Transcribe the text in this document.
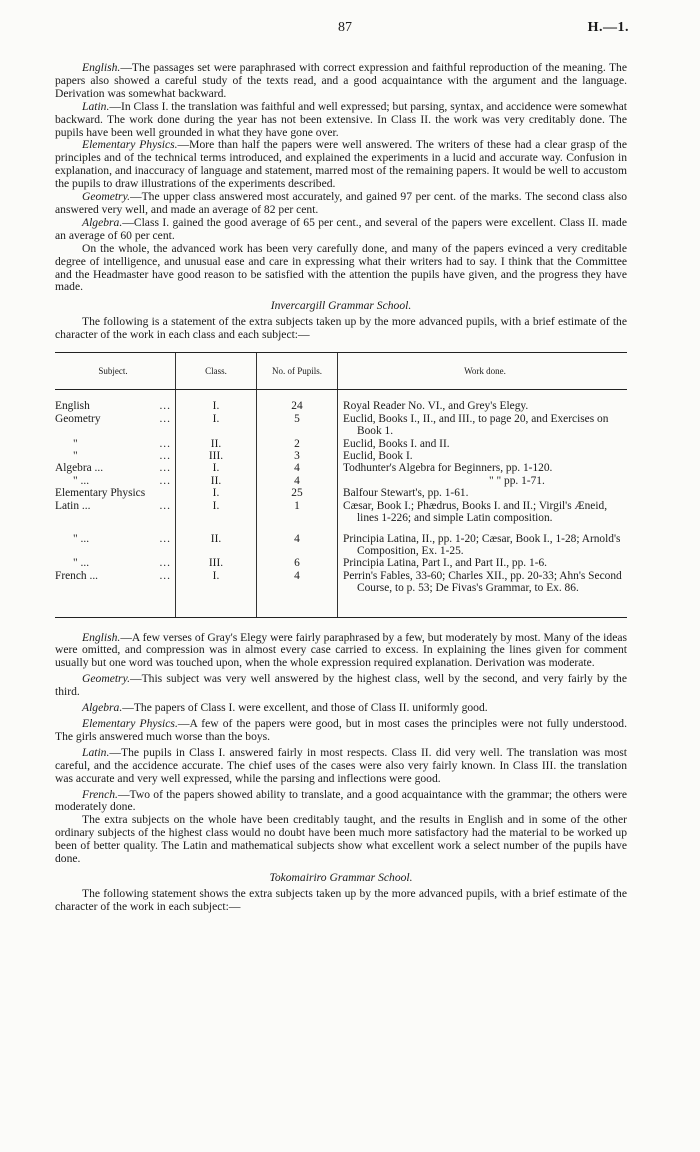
87	H.—1.

English.—The passages set were paraphrased with correct expression and faithful reproduction of the meaning. The papers also showed a careful study of the texts read, and a good acquaintance with the argument and the language. Derivation was somewhat backward.

Latin.—In Class I. the translation was faithful and well expressed; but parsing, syntax, and accidence were somewhat backward. The work done during the year has not been extensive. In Class II. the work was very creditably done. The pupils have been well grounded in what they have gone over.

Elementary Physics.—More than half the papers were well answered. The writers of these had a clear grasp of the principles and of the technical terms introduced, and explained the experiments in a lucid and accurate way. Confusion in explanation, and inaccuracy of language and statement, marred most of the remaining papers. It would be well to accustom the pupils to draw illustrations of the experiments described.

Geometry.—The upper class answered most accurately, and gained 97 per cent. of the marks. The second class also answered very well, and made an average of 82 per cent.

Algebra.—Class I. gained the good average of 65 per cent., and several of the papers were excellent. Class II. made an average of 60 per cent.

On the whole, the advanced work has been very carefully done, and many of the papers evinced a very creditable degree of intelligence, and unusual ease and care in expressing what their writers had to say. I think that the Committee and the Headmaster have good reason to be satisfied with the attention the pupils have given, and the progress they have made.

Invercargill Grammar School.

The following is a statement of the extra subjects taken up by the more advanced pupils, with a brief estimate of the character of the work in each class and each subject:—

Subject.	Class.	No. of Pupils.	Work done.

English ...	I.	24	Royal Reader No. VI., and Grey's Elegy.

Geometry ...	I.	5	Euclid, Books I., II., and III., to page 20, and Exercises on Book 1.

" ...	II.	2	Euclid, Books I. and II.

" ...	III.	3	Euclid, Book I.

Algebra ... ...	I.	4	Todhunter's Algebra for Beginners, pp. 1-120.

" ... ...	II.	4	" " pp. 1-71.

Elementary Physics	I.	25	Balfour Stewart's, pp. 1-61.

Latin ... ...	I.	1	Cæsar, Book I.; Phædrus, Books I. and II.; Virgil's Æneid, lines 1-226; and simple Latin composition.

" ... ...	II.	4	Principia Latina, II., pp. 1-20; Cæsar, Book I., 1-28; Arnold's Composition, Ex. 1-25.

" ... ...	III.	6	Principia Latina, Part I., and Part II., pp. 1-6.

French ... ...	I.	4	Perrin's Fables, 33-60; Charles XII., pp. 20-33; Ahn's Second Course, to p. 53; De Fivas's Grammar, to Ex. 86.

English.—A few verses of Gray's Elegy were fairly paraphrased by a few, but moderately by most. Many of the ideas were omitted, and compression was in almost every case carried to excess. In explaining the lines given for comment usually but one word was touched upon, when the whole expression required explanation. Derivation was moderate.

Geometry.—This subject was very well answered by the highest class, well by the second, and very fairly by the third.

Algebra.—The papers of Class I. were excellent, and those of Class II. uniformly good.

Elementary Physics.—A few of the papers were good, but in most cases the principles were not fully understood. The girls answered much worse than the boys.

Latin.—The pupils in Class I. answered fairly in most respects. Class II. did very well. The translation was most careful, and the accidence accurate. The chief uses of the cases were also very fairly known. In Class III. the translation was accurate and very well expressed, while the parsing and inflections were good.

French.—Two of the papers showed ability to translate, and a good acquaintance with the grammar; the others were moderately done.

The extra subjects on the whole have been creditably taught, and the results in English and in some of the other ordinary subjects of the highest class would no doubt have been much more satisfactory had the material to be worked up been of better quality. The Latin and mathematical subjects show what excellent work a select number of the pupils have done.

Tokomairiro Grammar School.

The following statement shows the extra subjects taken up by the more advanced pupils, with a brief estimate of the character of the work in each subject:—
